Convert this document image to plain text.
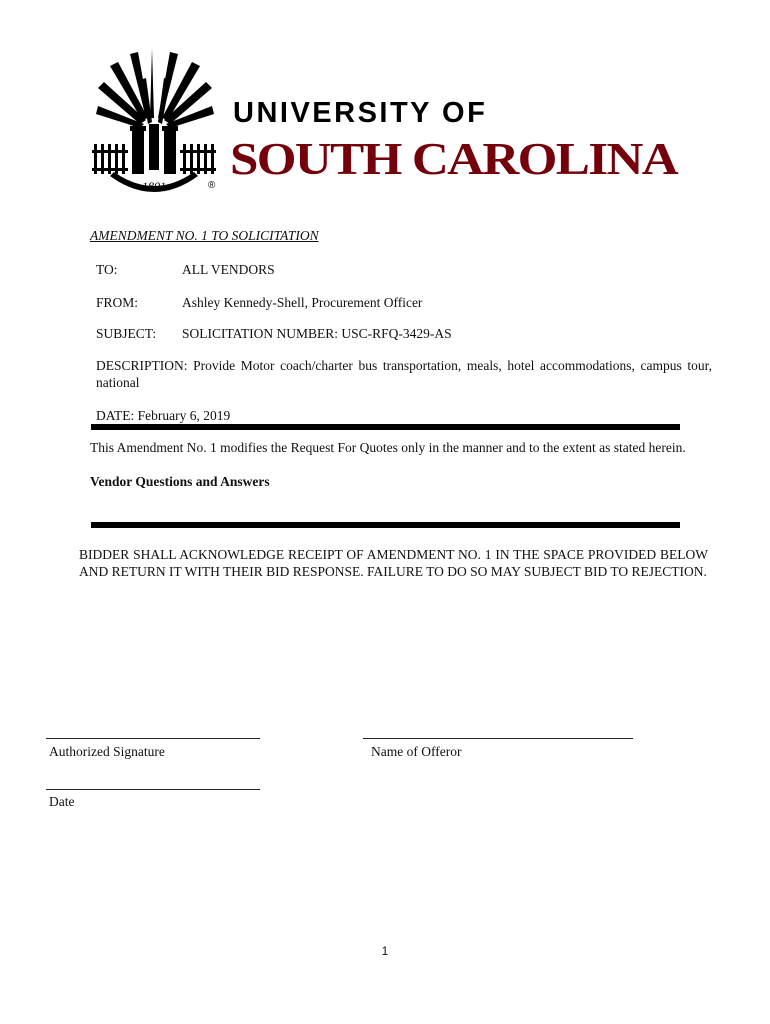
1801	®
UNIVERSITY OF
SOUTH CAROLINA
AMENDMENT NO. 1 TO SOLICITATION
TO:	ALL VENDORS
FROM:	Ashley Kennedy-Shell, Procurement Officer
SUBJECT: SOLICITATION NUMBER: USC-RFQ-3429-AS
DESCRIPTION: Provide Motor coach/charter bus transportation, meals, hotel accommodations, campus tour, national
DATE: February 6, 2019
This Amendment No. 1 modifies the Request For Quotes only in the manner and to the extent as stated herein.
Vendor Questions and Answers
BIDDER SHALL ACKNOWLEDGE RECEIPT OF AMENDMENT NO. 1 IN THE SPACE PROVIDED BELOW AND RETURN IT WITH THEIR BID RESPONSE. FAILURE TO DO SO MAY SUBJECT BID TO REJECTION.
Authorized Signature	Name of Offeror
Date
1
